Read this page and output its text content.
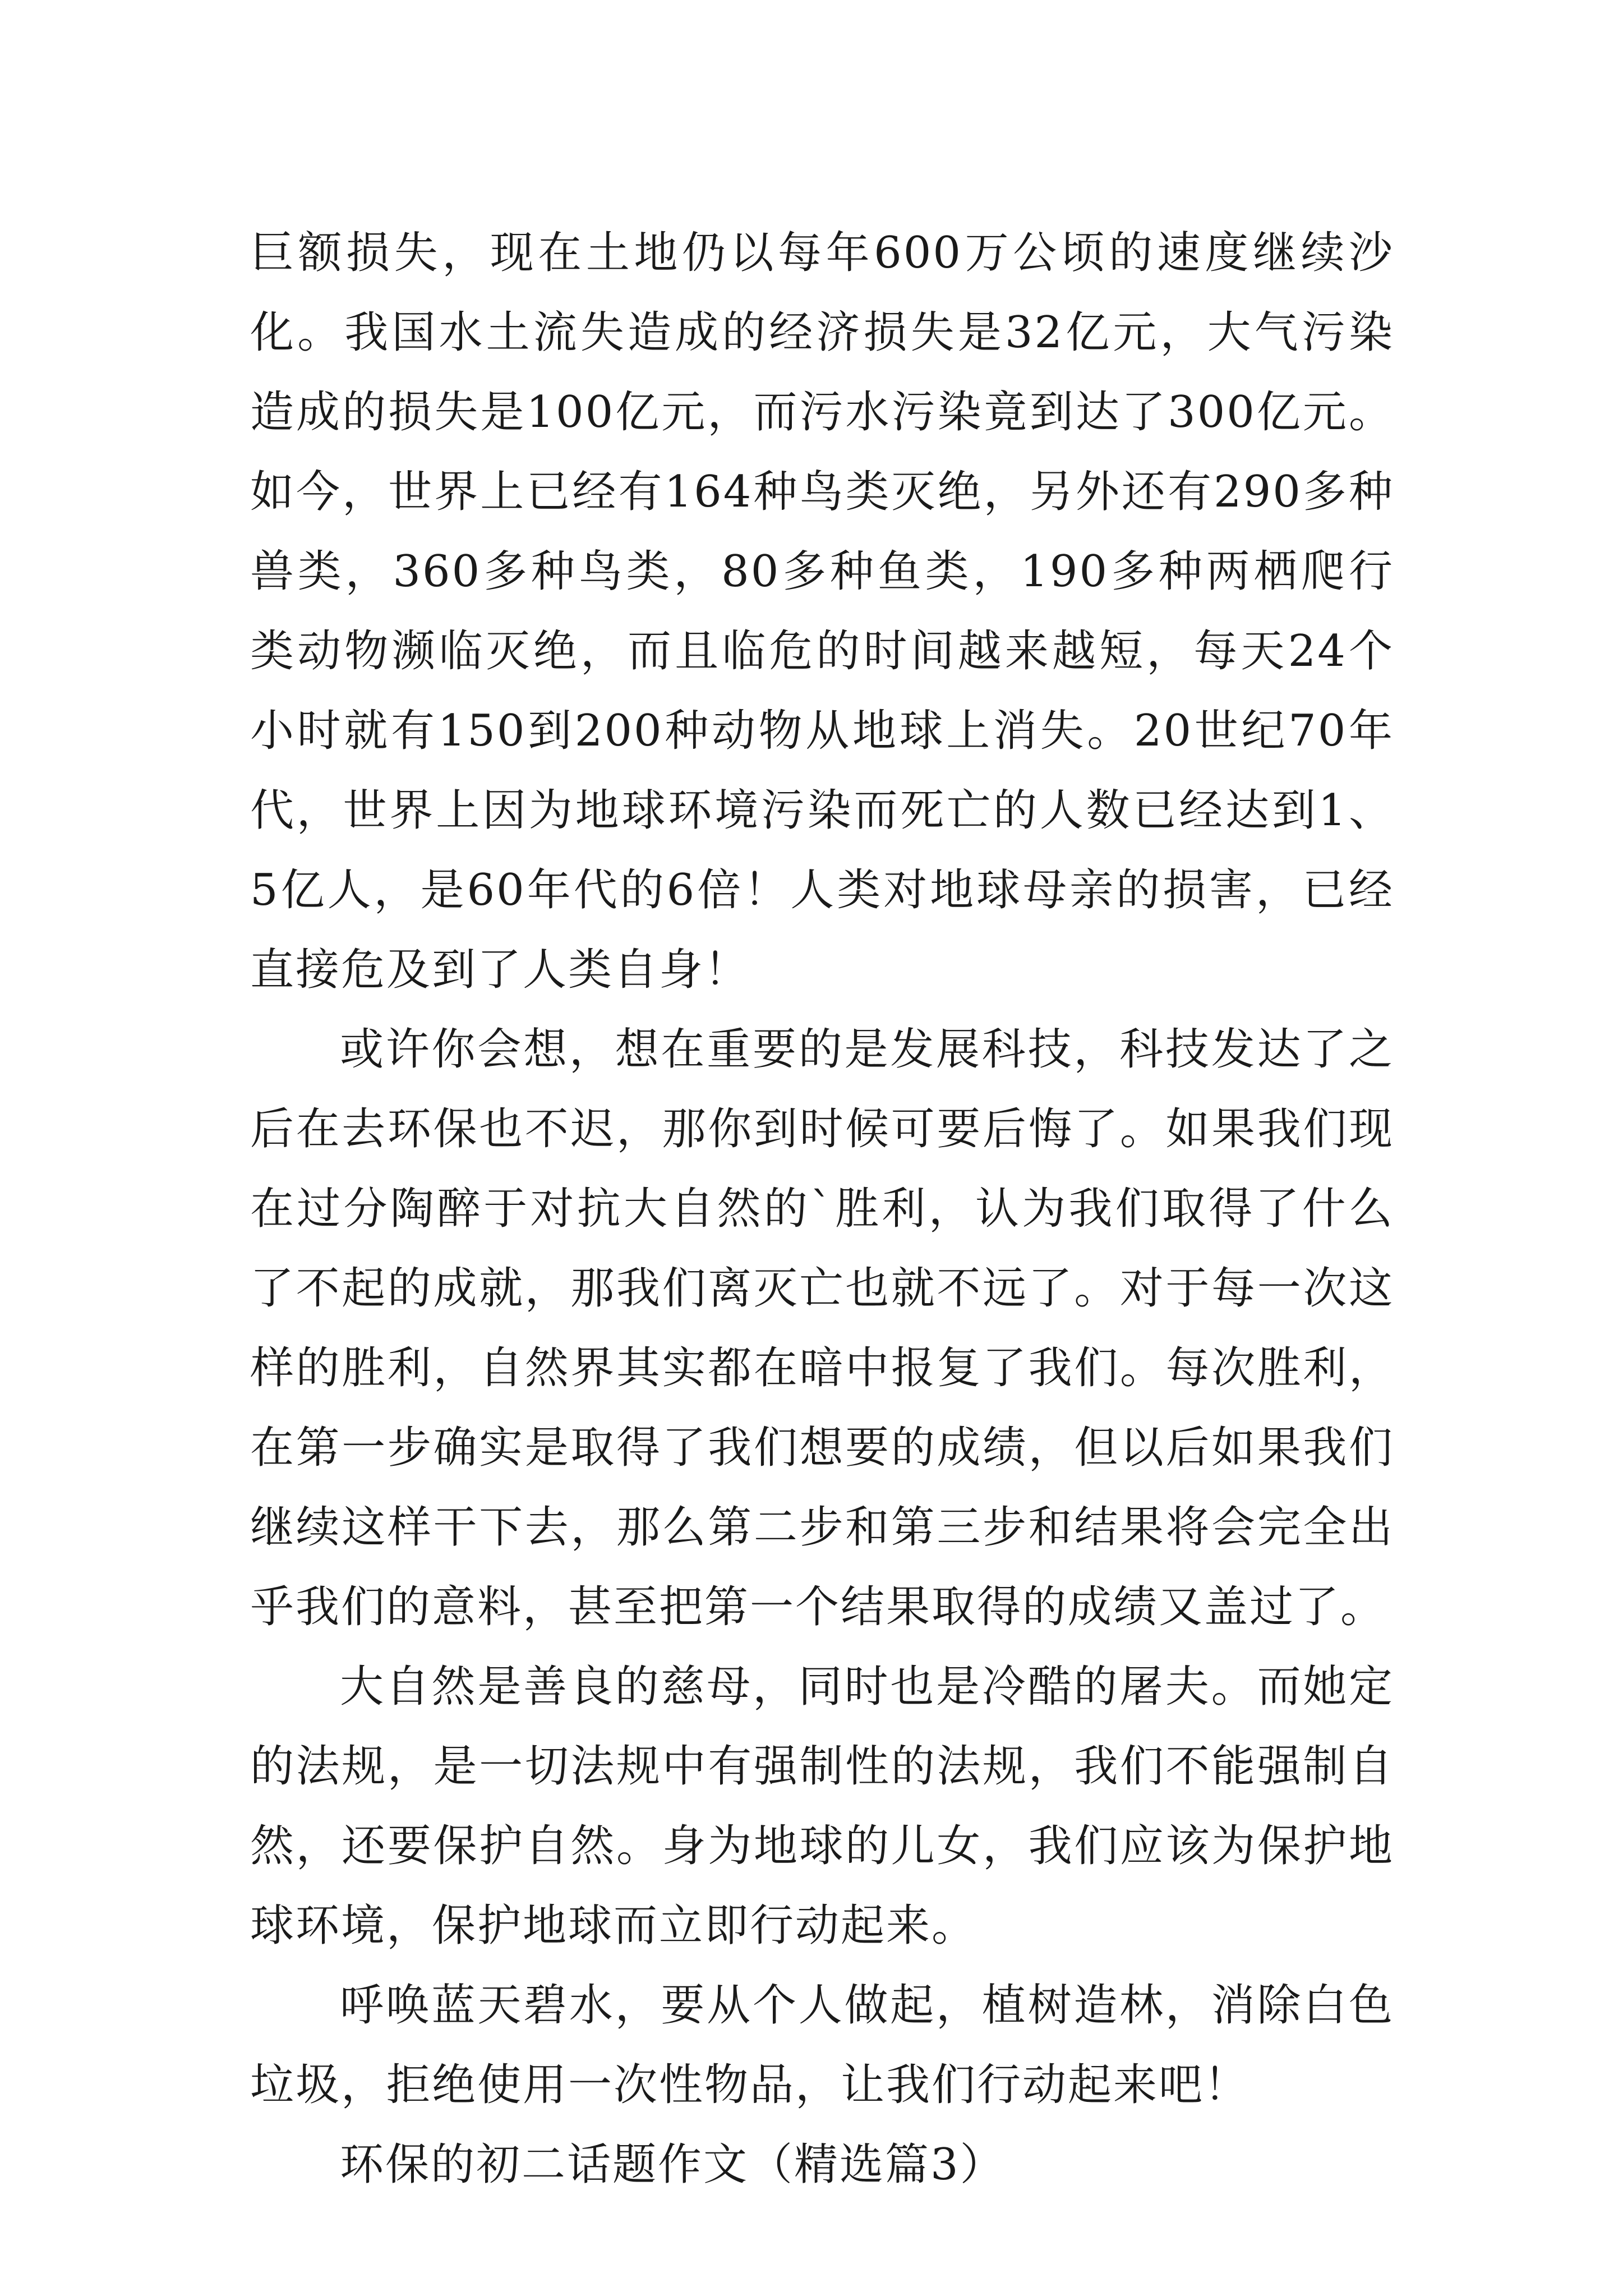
巨额损失，现在土地仍以每年600万公顷的速度继续沙化。我国水土流失造成的经济损失是32亿元，大气污染造成的损失是100亿元，而污水污染竟到达了300亿元。如今，世界上已经有164种鸟类灭绝，另外还有290多种兽类，360多种鸟类，80多种鱼类，190多种两栖爬行类动物濒临灭绝，而且临危的时间越来越短，每天24个小时就有150到200种动物从地球上消失。20世纪70年代，世界上因为地球环境污染而死亡的人数已经达到1、5亿人，是60年代的6倍！人类对地球母亲的损害，已经直接危及到了人类自身！

或许你会想，想在重要的是发展科技，科技发达了之后在去环保也不迟，那你到时候可要后悔了。如果我们现在过分陶醉于对抗大自然的`胜利，认为我们取得了什么了不起的成就，那我们离灭亡也就不远了。对于每一次这样的胜利，自然界其实都在暗中报复了我们。每次胜利，在第一步确实是取得了我们想要的成绩，但以后如果我们继续这样干下去，那么第二步和第三步和结果将会完全出乎我们的意料，甚至把第一个结果取得的成绩又盖过了。

大自然是善良的慈母，同时也是冷酷的屠夫。而她定的法规，是一切法规中有强制性的法规，我们不能强制自然，还要保护自然。身为地球的儿女，我们应该为保护地球环境，保护地球而立即行动起来。

呼唤蓝天碧水，要从个人做起，植树造林，消除白色垃圾，拒绝使用一次性物品，让我们行动起来吧！

环保的初二话题作文（精选篇3）
